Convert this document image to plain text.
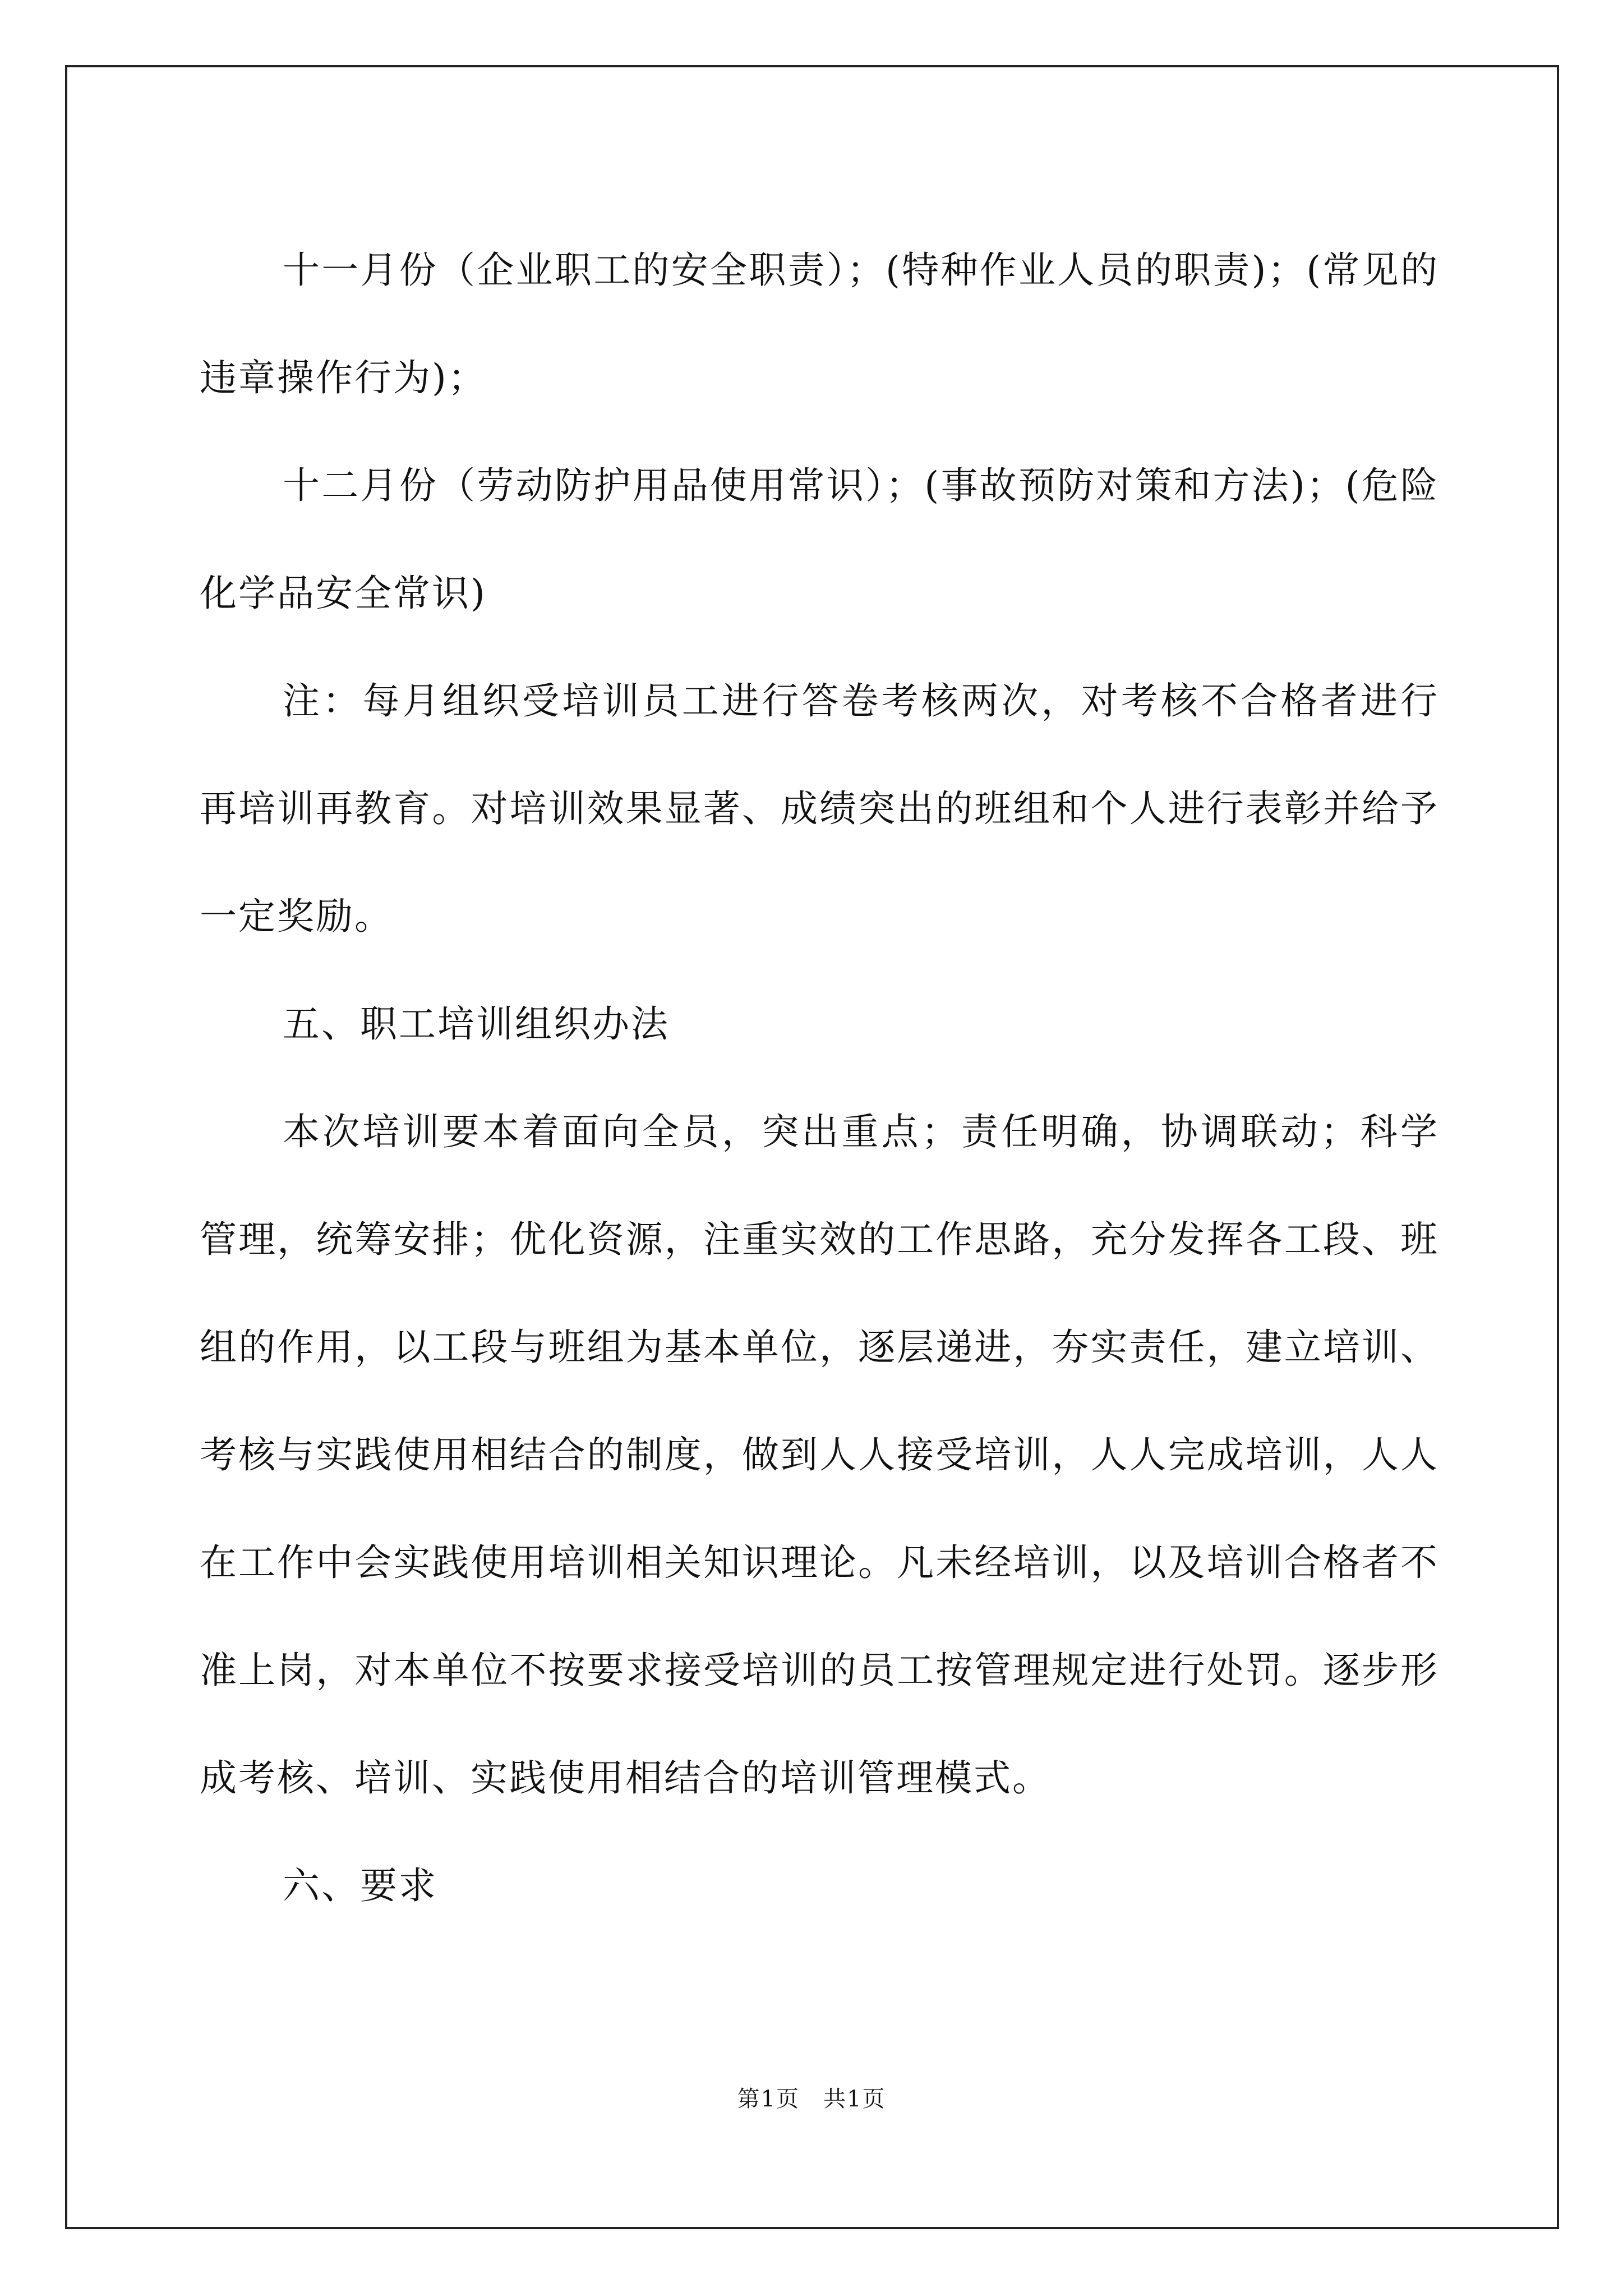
十一月份（企业职工的安全职责）；(特种作业人员的职责)；(常见的违章操作行为)；

十二月份（劳动防护用品使用常识）；(事故预防对策和方法)；(危险化学品安全常识)

注：每月组织受培训员工进行答卷考核两次，对考核不合格者进行再培训再教育。对培训效果显著、成绩突出的班组和个人进行表彰并给予一定奖励。

五、职工培训组织办法

本次培训要本着面向全员，突出重点；责任明确，协调联动；科学管理，统筹安排；优化资源，注重实效的工作思路，充分发挥各工段、班组的作用，以工段与班组为基本单位，逐层递进，夯实责任，建立培训、考核与实践使用相结合的制度，做到人人接受培训，人人完成培训，人人在工作中会实践使用培训相关知识理论。凡未经培训，以及培训合格者不准上岗，对本单位不按要求接受培训的员工按管理规定进行处罚。逐步形成考核、培训、实践使用相结合的培训管理模式。

六、要求

第1页　共1页
